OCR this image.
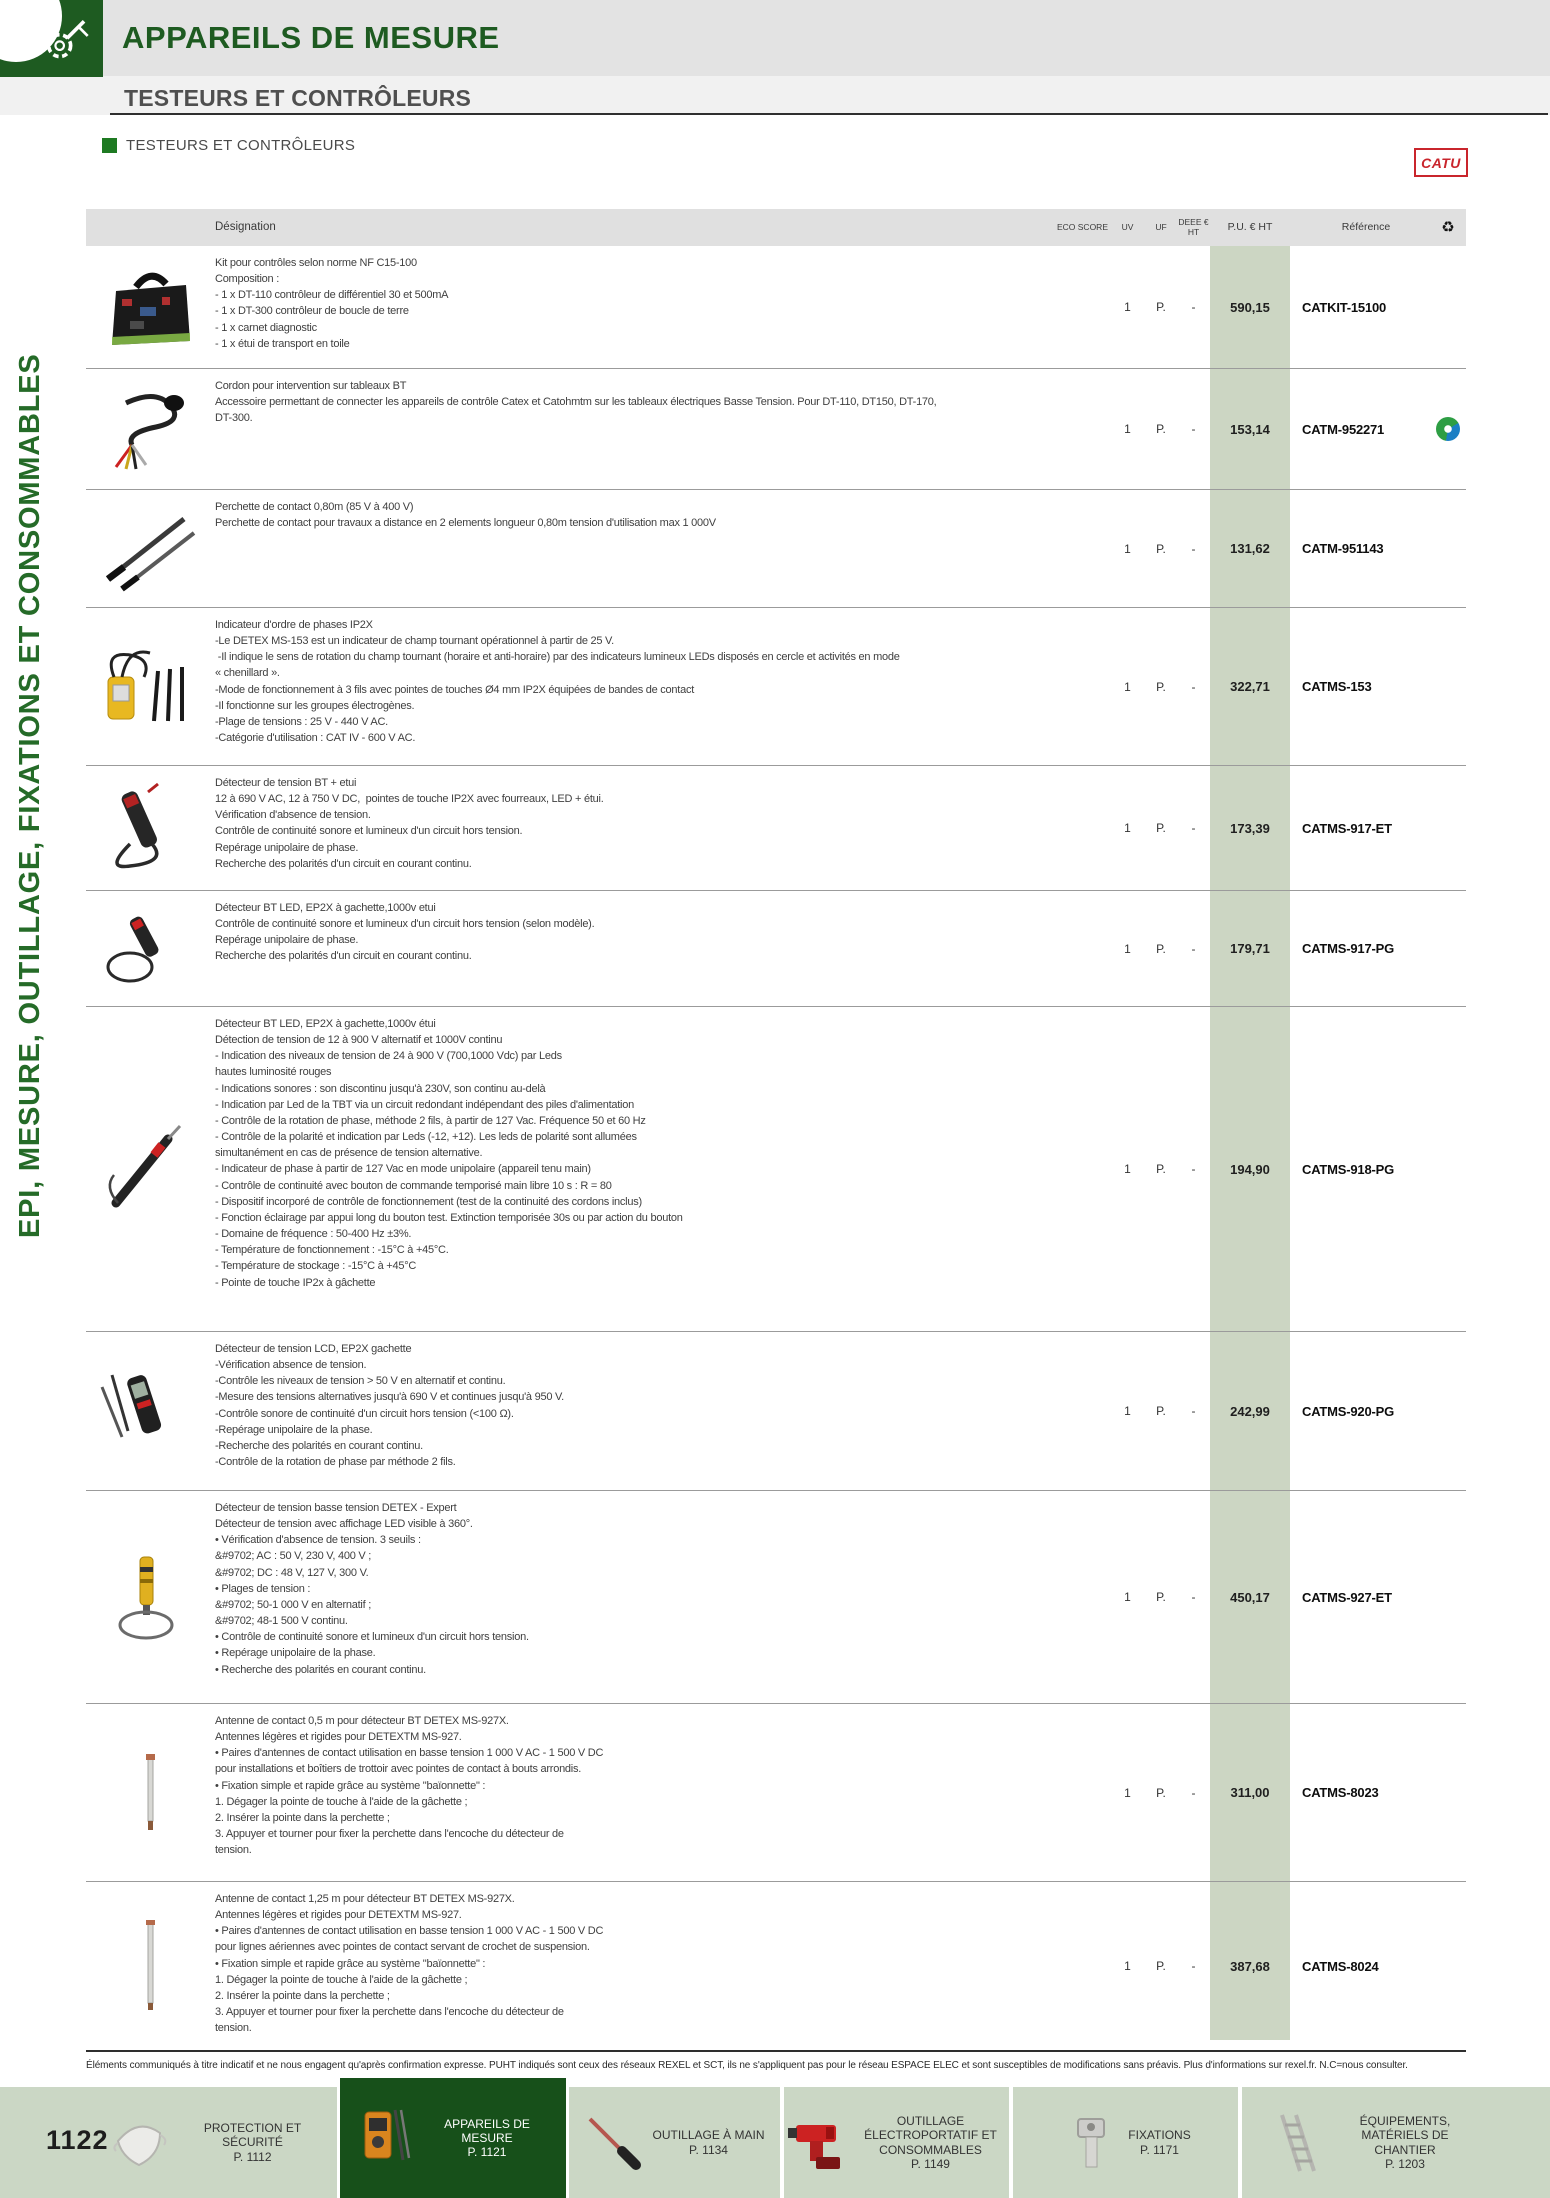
APPAREILS DE MESURE
TESTEURS ET CONTRÔLEURS
TESTEURS ET CONTRÔLEURS
CATU
EPI, MESURE, OUTILLAGE, FIXATIONS ET CONSOMMABLES
Désignation	ECO SCORE	UV	UF	DEEE € HT	P.U. € HT	Référence	♻
Kit pour contrôles selon norme NF C15-100
Composition :
- 1 x DT-110 contrôleur de différentiel 30 et 500mA
- 1 x DT-300 contrôleur de boucle de terre
- 1 x carnet diagnostic
- 1 x étui de transport en toile
1	P.	-	590,15	CATKIT-15100
Cordon pour intervention sur tableaux BT
Accessoire permettant de connecter les appareils de contrôle Catex et Catohmtm sur les tableaux électriques Basse Tension. Pour DT-110, DT150, DT-170,
DT-300.
1	P.	-	153,14	CATM-952271
Perchette de contact 0,80m (85 V à 400 V)
Perchette de contact pour travaux a distance en 2 elements longueur 0,80m tension d'utilisation max 1 000V
1	P.	-	131,62	CATM-951143
Indicateur d'ordre de phases IP2X
-Le DETEX MS-153 est un indicateur de champ tournant opérationnel à partir de 25 V.
-Il indique le sens de rotation du champ tournant (horaire et anti-horaire) par des indicateurs lumineux LEDs disposés en cercle et activités en mode
« chenillard ».
-Mode de fonctionnement à 3 fils avec pointes de touches Ø4 mm IP2X équipées de bandes de contact
-Il fonctionne sur les groupes électrogènes.
-Plage de tensions : 25 V - 440 V AC.
-Catégorie d'utilisation : CAT IV - 600 V AC.
1	P.	-	322,71	CATMS-153
Détecteur de tension BT + etui
12 à 690 V AC, 12 à 750 V DC,  pointes de touche IP2X avec fourreaux, LED + étui.
Vérification d'absence de tension.
Contrôle de continuité sonore et lumineux d'un circuit hors tension.
Repérage unipolaire de phase.
Recherche des polarités d'un circuit en courant continu.
1	P.	-	173,39	CATMS-917-ET
Détecteur BT LED, EP2X à gachette,1000v etui
Contrôle de continuité sonore et lumineux d'un circuit hors tension (selon modèle).
Repérage unipolaire de phase.
Recherche des polarités d'un circuit en courant continu.
1	P.	-	179,71	CATMS-917-PG
Détecteur BT LED, EP2X à gachette,1000v étui
Détection de tension de 12 à 900 V alternatif et 1000V continu
- Indication des niveaux de tension de 24 à 900 V (700,1000 Vdc) par Leds
hautes luminosité rouges
- Indications sonores : son discontinu jusqu'à 230V, son continu au-delà
- Indication par Led de la TBT via un circuit redondant indépendant des piles d'alimentation
- Contrôle de la rotation de phase, méthode 2 fils, à partir de 127 Vac. Fréquence 50 et 60 Hz
- Contrôle de la polarité et indication par Leds (-12, +12). Les leds de polarité sont allumées
simultanément en cas de présence de tension alternative.
- Indicateur de phase à partir de 127 Vac en mode unipolaire (appareil tenu main)
- Contrôle de continuité avec bouton de commande temporisé main libre 10 s : R = 80
- Dispositif incorporé de contrôle de fonctionnement (test de la continuité des cordons inclus)
- Fonction éclairage par appui long du bouton test. Extinction temporisée 30s ou par action du bouton
- Domaine de fréquence : 50-400 Hz ±3%.
- Température de fonctionnement : -15°C à +45°C.
- Température de stockage : -15°C à +45°C
- Pointe de touche IP2x à gâchette
1	P.	-	194,90	CATMS-918-PG
Détecteur de tension LCD, EP2X gachette
-Vérification absence de tension.
-Contrôle les niveaux de tension > 50 V en alternatif et continu.
-Mesure des tensions alternatives jusqu'à 690 V et continues jusqu'à 950 V.
-Contrôle sonore de continuité d'un circuit hors tension (<100 Ω).
-Repérage unipolaire de la phase.
-Recherche des polarités en courant continu.
-Contrôle de la rotation de phase par méthode 2 fils.
1	P.	-	242,99	CATMS-920-PG
Détecteur de tension basse tension DETEX - Expert
Détecteur de tension avec affichage LED visible à 360°.
• Vérification d'absence de tension. 3 seuils :
&#9702; AC : 50 V, 230 V, 400 V ;
&#9702; DC : 48 V, 127 V, 300 V.
• Plages de tension :
&#9702; 50-1 000 V en alternatif ;
&#9702; 48-1 500 V continu.
• Contrôle de continuité sonore et lumineux d'un circuit hors tension.
• Repérage unipolaire de la phase.
• Recherche des polarités en courant continu.
1	P.	-	450,17	CATMS-927-ET
Antenne de contact 0,5 m pour détecteur BT DETEX MS-927X.
Antennes légères et rigides pour DETEXTM MS-927.
• Paires d'antennes de contact utilisation en basse tension 1 000 V AC - 1 500 V DC
pour installations et boîtiers de trottoir avec pointes de contact à bouts arrondis.
• Fixation simple et rapide grâce au système "baïonnette" :
1. Dégager la pointe de touche à l'aide de la gâchette ;
2. Insérer la pointe dans la perchette ;
3. Appuyer et tourner pour fixer la perchette dans l'encoche du détecteur de
tension.
1	P.	-	311,00	CATMS-8023
Antenne de contact 1,25 m pour détecteur BT DETEX MS-927X.
Antennes légères et rigides pour DETEXTM MS-927.
• Paires d'antennes de contact utilisation en basse tension 1 000 V AC - 1 500 V DC
pour lignes aériennes avec pointes de contact servant de crochet de suspension.
• Fixation simple et rapide grâce au système "baïonnette" :
1. Dégager la pointe de touche à l'aide de la gâchette ;
2. Insérer la pointe dans la perchette ;
3. Appuyer et tourner pour fixer la perchette dans l'encoche du détecteur de
tension.
1	P.	-	387,68	CATMS-8024
Éléments communiqués à titre indicatif et ne nous engagent qu'après confirmation expresse. PUHT indiqués sont ceux des réseaux REXEL et SCT, ils ne s'appliquent pas pour le réseau ESPACE ELEC et sont susceptibles de modifications sans préavis. Plus d'informations sur rexel.fr. N.C=nous consulter.
1122	PROTECTION ET SÉCURITÉ
P. 1112
APPAREILS DE MESURE
P. 1121
OUTILLAGE À MAIN
P. 1134
OUTILLAGE ÉLECTROPORTATIF ET CONSOMMABLES
P. 1149
FIXATIONS
P. 1171
ÉQUIPEMENTS, MATÉRIELS DE CHANTIER
P. 1203
